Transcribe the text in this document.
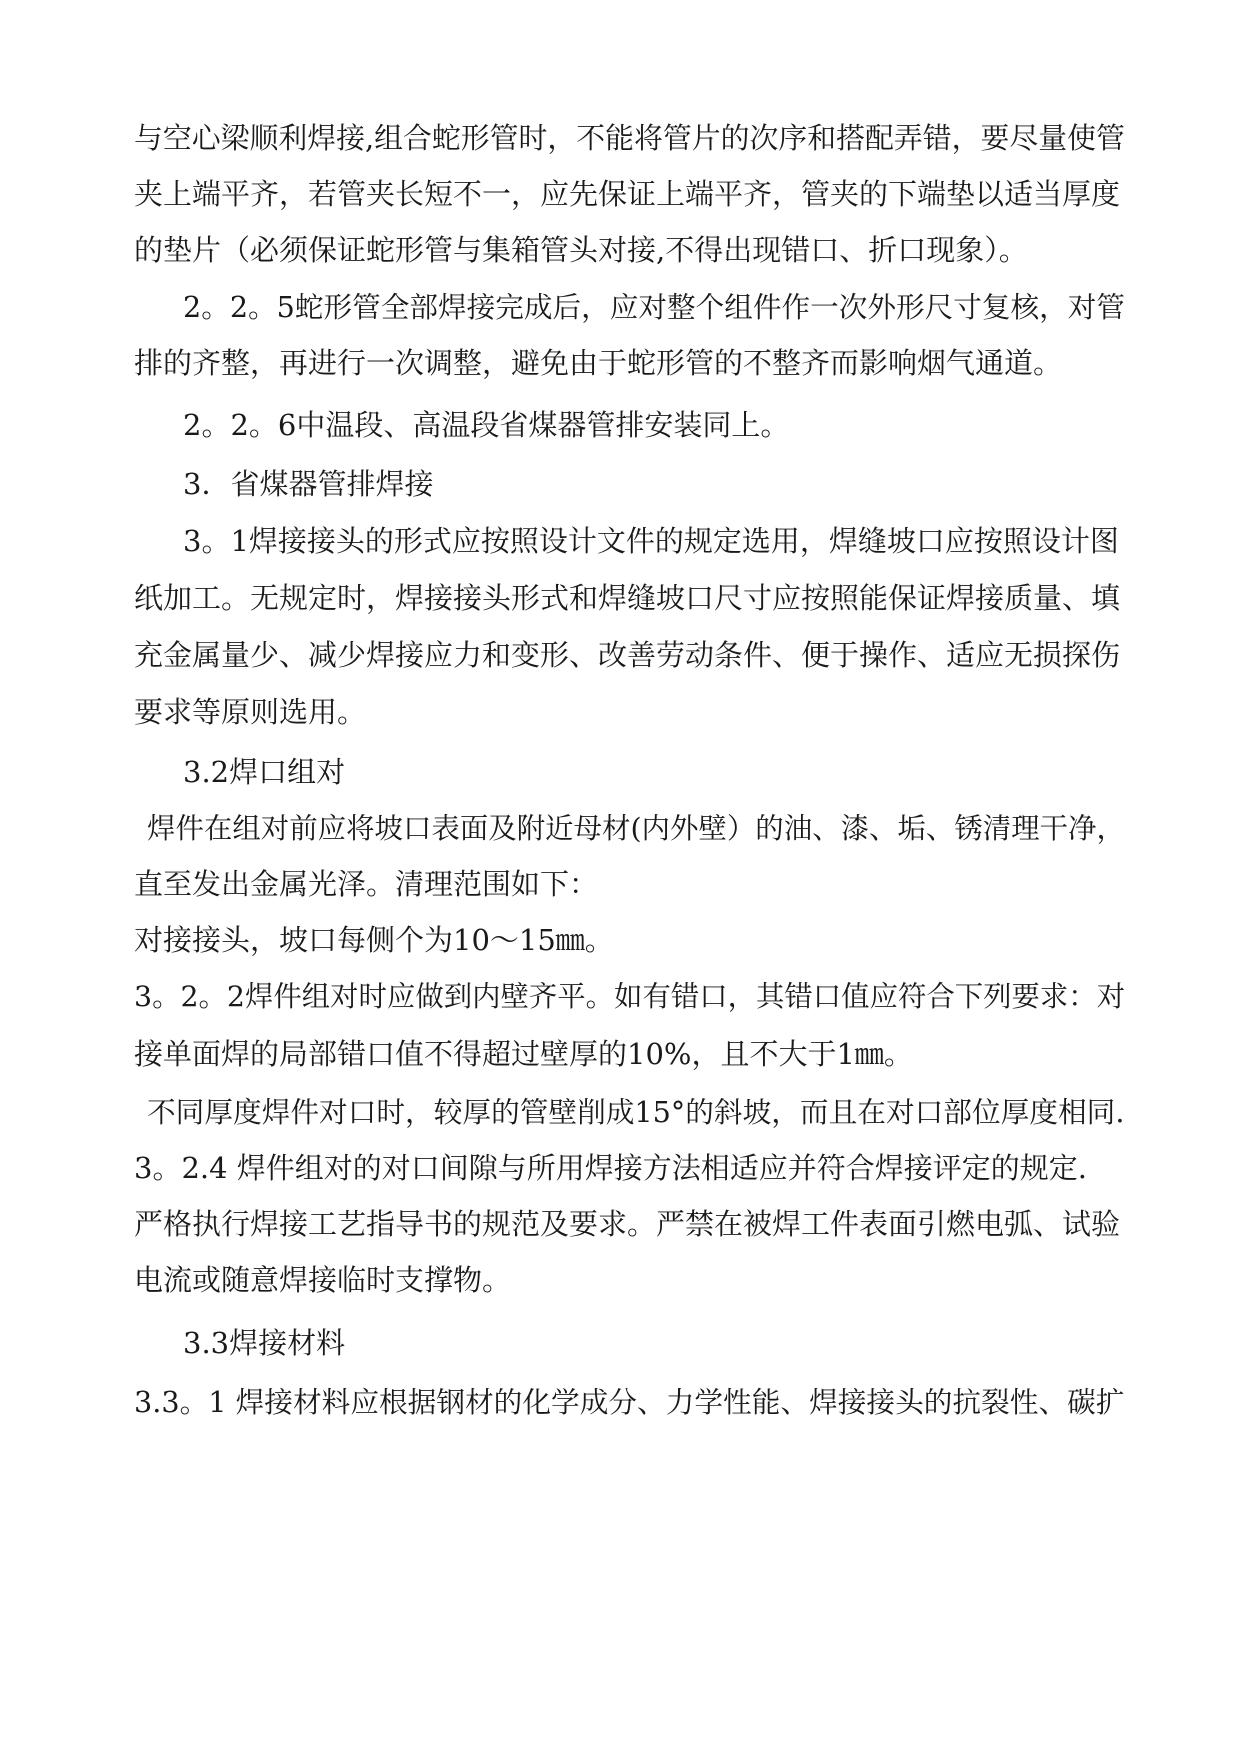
与空心梁顺利焊接,组合蛇形管时，不能将管片的次序和搭配弄错，要尽量使管
夹上端平齐，若管夹长短不一，应先保证上端平齐，管夹的下端垫以适当厚度
的垫片（必须保证蛇形管与集箱管头对接,不得出现错口、折口现象）。
2。2。5蛇形管全部焊接完成后，应对整个组件作一次外形尺寸复核，对管
排的齐整，再进行一次调整，避免由于蛇形管的不整齐而影响烟气通道。
2。2。6中温段、高温段省煤器管排安装同上。
3．省煤器管排焊接
3。1焊接接头的形式应按照设计文件的规定选用，焊缝坡口应按照设计图
纸加工。无规定时，焊接接头形式和焊缝坡口尺寸应按照能保证焊接质量、填
充金属量少、减少焊接应力和变形、改善劳动条件、便于操作、适应无损探伤
要求等原则选用。
3.2焊口组对
焊件在组对前应将坡口表面及附近母材(内外壁）的油、漆、垢、锈清理干净，
直至发出金属光泽。清理范围如下：
对接接头，坡口每侧个为10～15㎜。
3。2。2焊件组对时应做到内壁齐平。如有错口，其错口值应符合下列要求：对
接单面焊的局部错口值不得超过壁厚的10%，且不大于1㎜。
不同厚度焊件对口时，较厚的管壁削成15°的斜坡，而且在对口部位厚度相同.
3。2.4 焊件组对的对口间隙与所用焊接方法相适应并符合焊接评定的规定.
严格执行焊接工艺指导书的规范及要求。严禁在被焊工件表面引燃电弧、试验
电流或随意焊接临时支撑物。
3.3焊接材料
3.3。1 焊接材料应根据钢材的化学成分、力学性能、焊接接头的抗裂性、碳扩
